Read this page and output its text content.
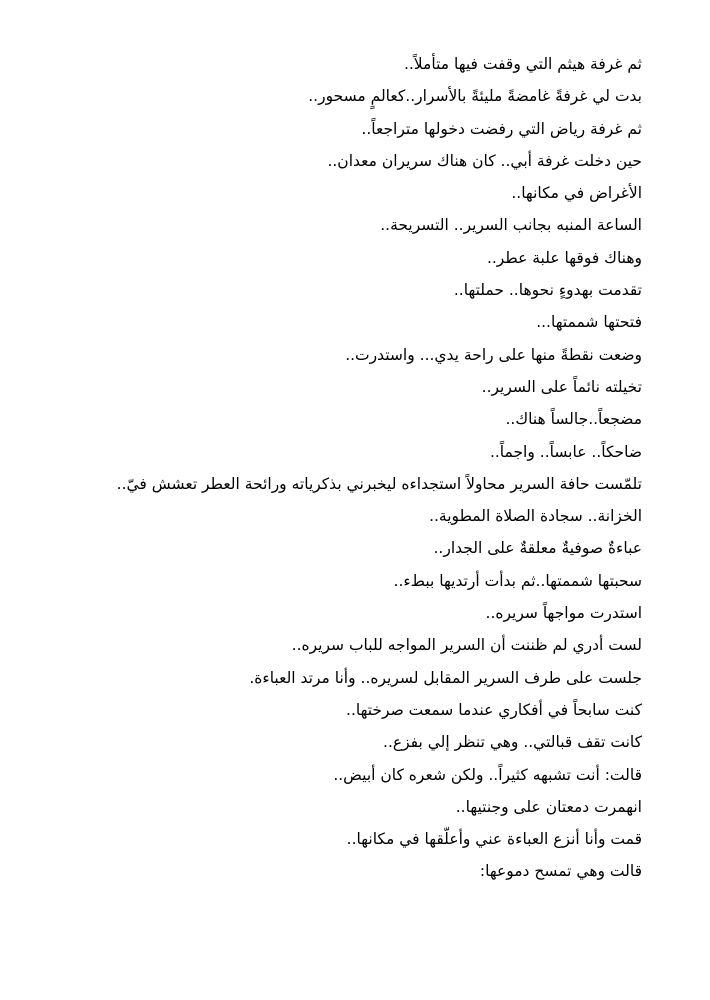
ثم غرفة هيثم التي وقفت فيها متأملاً..

بدت لي غرفةً غامضةً مليئةً بالأسرار..كعالمٍ مسحور..

ثم غرفة رياض التي رفضت دخولها متراجعاً..

حين دخلت غرفة أبي.. كان هناك سريران معدان..

الأغراض في مكانها..

الساعة المنبه بجانب السرير.. التسريحة..

وهناك فوقها علبة عطر..

تقدمت بهدوءٍ نحوها.. حملتها..

فتحتها شممتها...

وضعت نقطةً منها على راحة يدي... واستدرت..

تخيلته نائماً على السرير..

مضجعاً..جالساً هناك..

ضاحكاً.. عابساً.. واجماً..

تلمّست حافة السرير محاولاً استجداءه ليخبرني بذكرياته ورائحة العطر تعشش فيّ..

الخزانة.. سجادة الصلاة المطوية..

عباءةٌ صوفيةٌ معلقةٌ على الجدار..

سحبتها شممتها..ثم بدأت أرتديها ببطء..

استدرت مواجهاً سريره..

لست أدري لم ظننت أن السرير المواجه للباب سريره..

جلست على طرف السرير المقابل لسريره.. وأنا مرتد العباءة.

كنت سابحاً في أفكاري عندما سمعت صرختها..

كانت تقف قبالتي.. وهي تنظر إلي بفزع..

قالت: أنت تشبهه كثيراً.. ولكن شعره كان أبيض..

انهمرت دمعتان على وجنتيها..

قمت وأنا أنزع العباءة عني وأعلّقها في مكانها..

قالت وهي تمسح دموعها:
